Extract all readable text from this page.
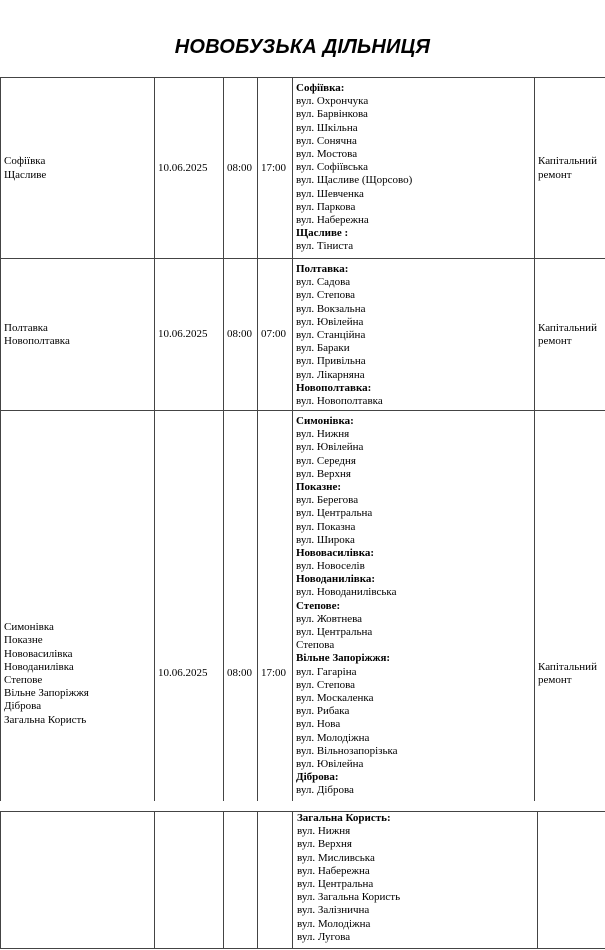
НОВОБУЗЬКА ДІЛЬНИЦЯ
Софіївка
Щасливе
10.06.2025 08:00 17:00
Софіївка:
вул. Охрончука
вул. Барвінкова
вул. Шкільна
вул. Сонячна
вул. Мостова
вул. Софіївська
вул. Щасливе (Щорсово)
вул. Шевченка
вул. Паркова
вул. Набережна
Щасливе :
вул. Тіниста
Капітальний
ремонт
Полтавка
Новополтавка
10.06.2025 08:00 07:00
Полтавка:
вул. Садова
вул. Степова
вул. Вокзальна
вул. Ювілейна
вул. Станційна
вул. Бараки
вул. Привільна
вул. Лікарняна
Новополтавка:
вул. Новополтавка
Капітальний
ремонт
Симонівка
Показне
Нововасилівка
Новоданилівка
Степове
Вільне Запоріжжя
Діброва
Загальна Користь
10.06.2025 08:00 17:00
Симонівка:
вул. Нижня
вул. Ювілейна
вул. Середня
вул. Верхня
Показне:
вул. Берегова
вул. Центральна
вул. Показна
вул. Широка
Нововасилівка:
вул. Новоселів
Новоданилівка:
вул. Новоданилівська
Степове:
вул. Жовтнева
вул. Центральна
Степова
Вільне Запоріжжя:
вул. Гагаріна
вул. Степова
вул. Москаленка
вул. Рибака
вул. Нова
вул. Молодіжна
вул. Вільнозапорізька
вул. Ювілейна
Діброва:
вул. Діброва
Капітальний
ремонт
Загальна Користь:
вул. Нижня
вул. Верхня
вул. Мисливська
вул. Набережна
вул. Центральна
вул. Загальна Користь
вул. Залізнична
вул. Молодіжна
вул. Лугова
